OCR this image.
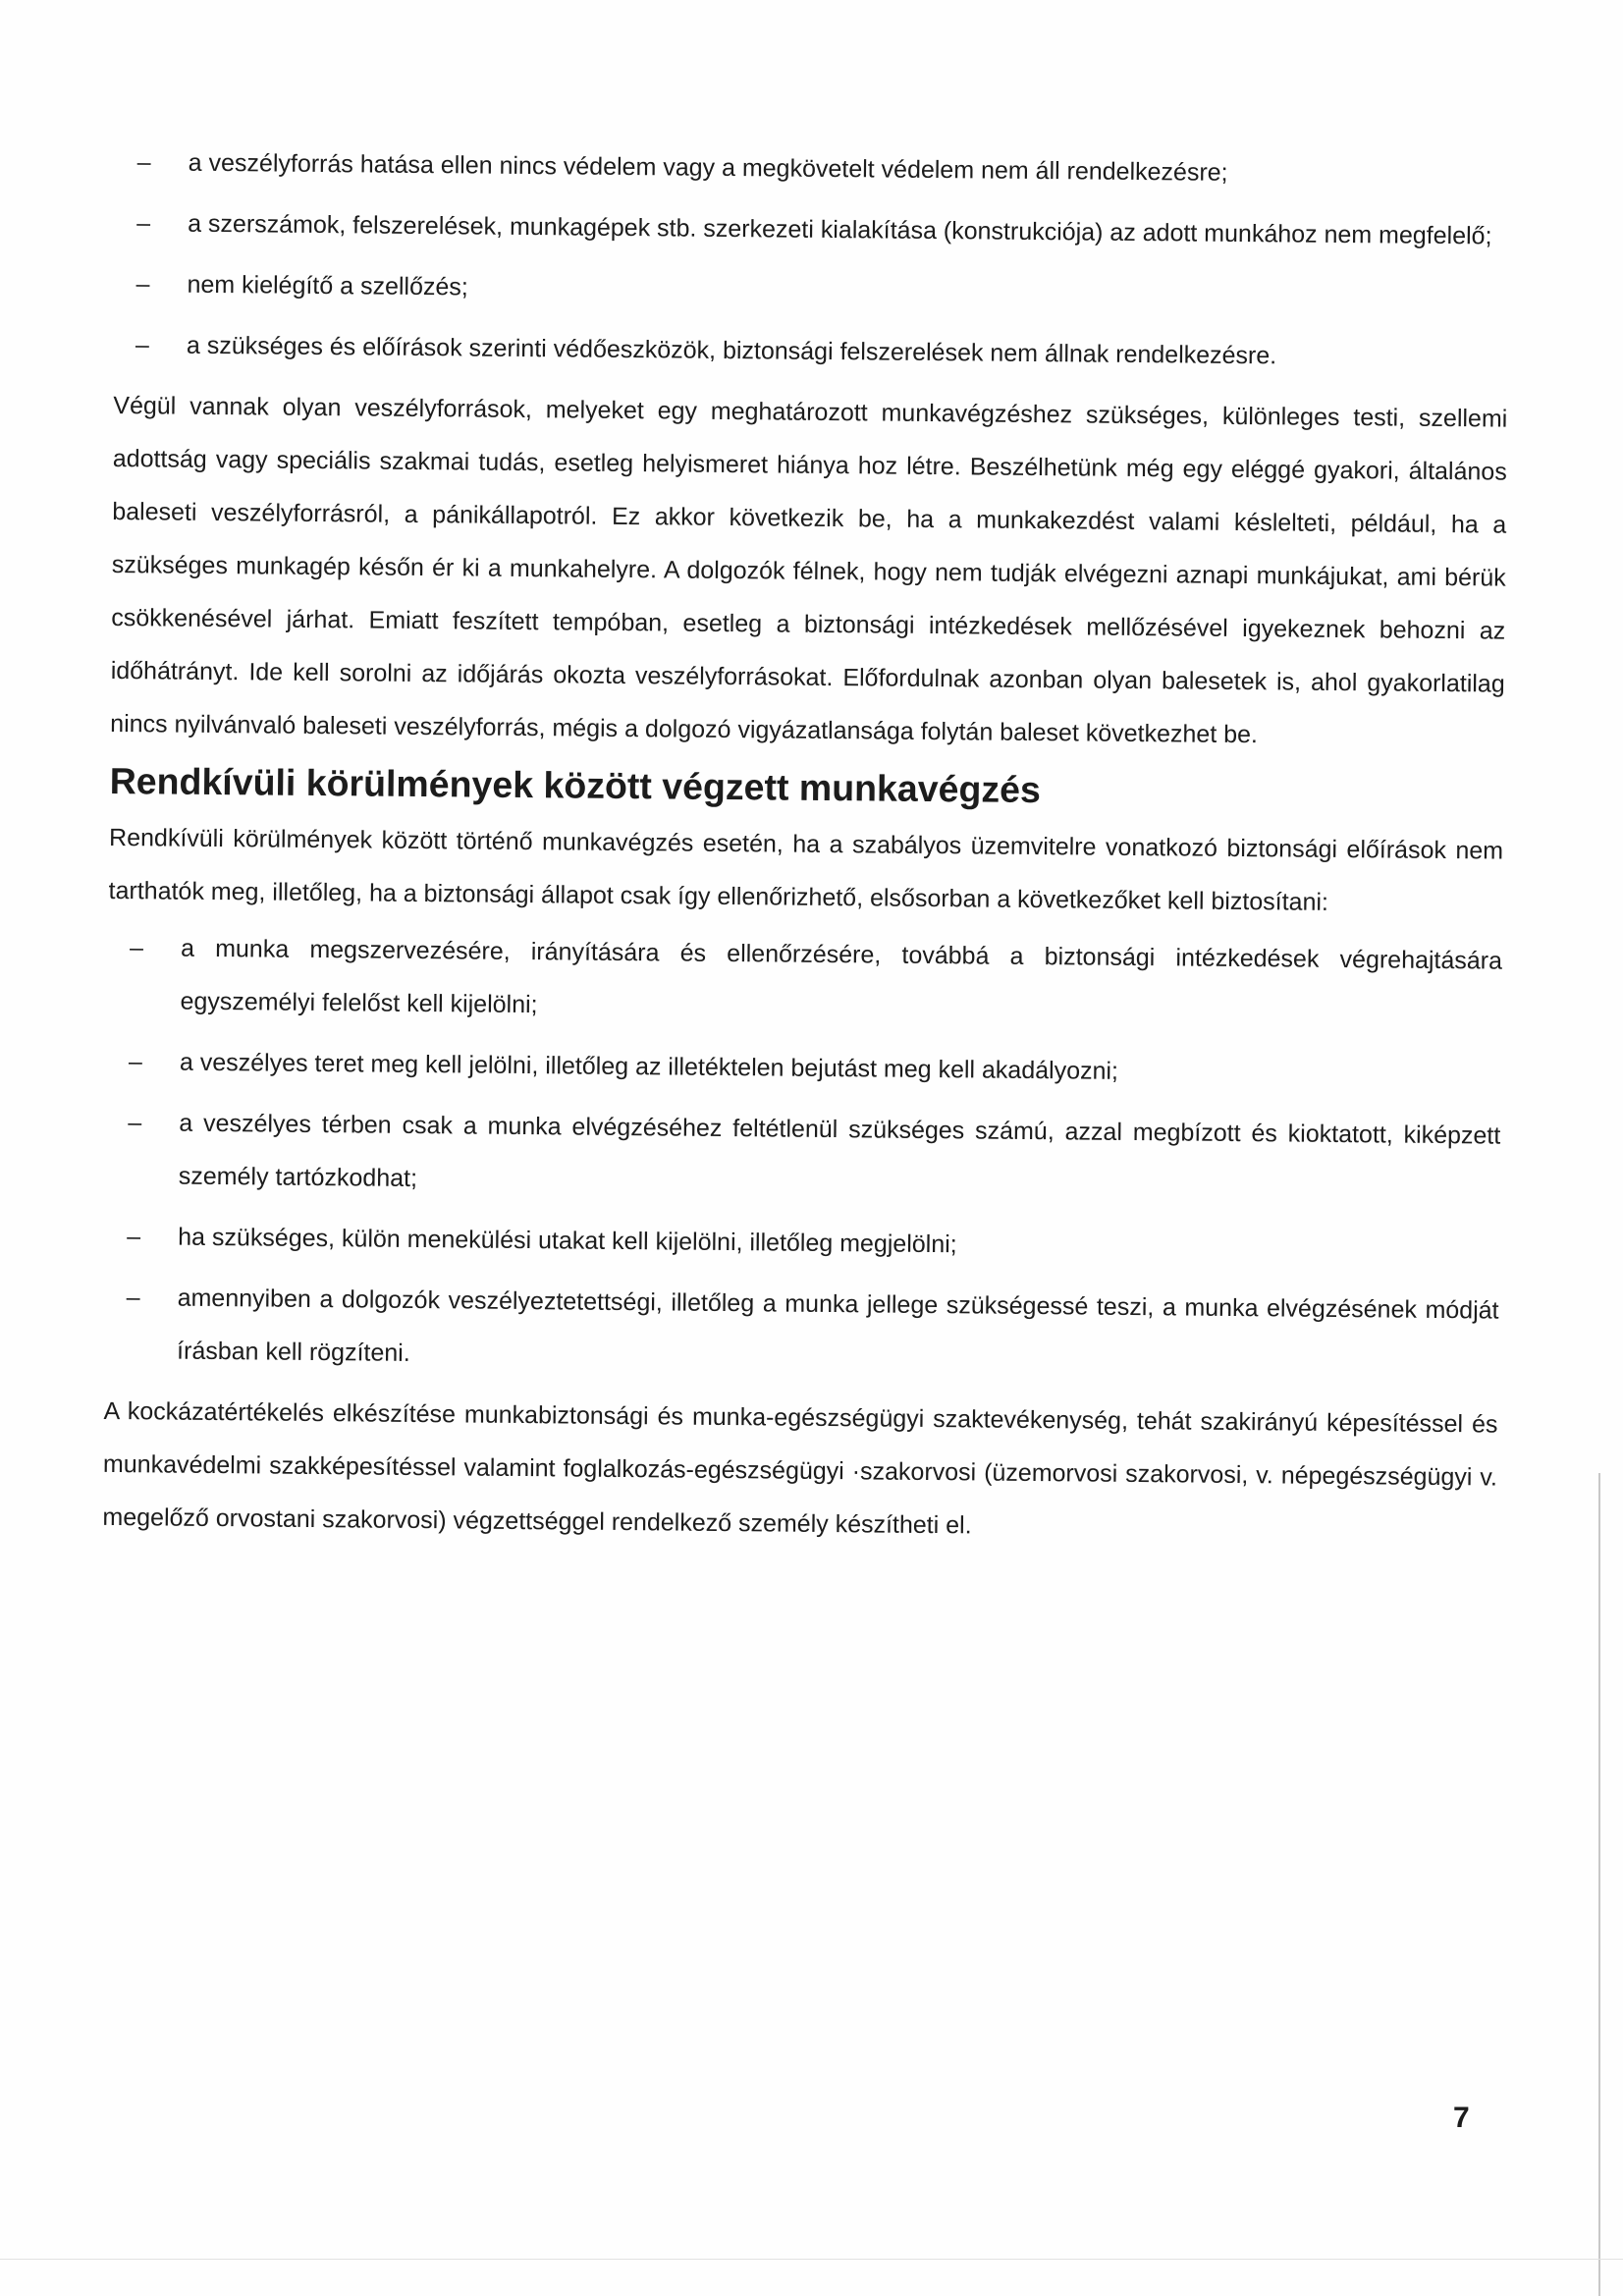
– a veszélyforrás hatása ellen nincs védelem vagy a megkövetelt védelem nem áll rendelkezésre;
– a szerszámok, felszerelések, munkagépek stb. szerkezeti kialakítása (konstrukciója) az adott munkához nem megfelelő;
– nem kielégítő a szellőzés;
– a szükséges és előírások szerinti védőeszközök, biztonsági felszerelések nem állnak rendelkezésre.

Végül vannak olyan veszélyforrások, melyeket egy meghatározott munkavégzéshez szükséges, különleges testi, szellemi adottság vagy speciális szakmai tudás, esetleg helyismeret hiánya hoz létre. Beszélhetünk még egy eléggé gyakori, általános baleseti veszélyforrásról, a pánikállapotról. Ez akkor következik be, ha a munkakezdést valami késlelteti, például, ha a szükséges munkagép későn ér ki a munkahelyre. A dolgozók félnek, hogy nem tudják elvégezni aznapi munkájukat, ami bérük csökkenésével járhat. Emiatt feszített tempóban, esetleg a biztonsági intézkedések mellőzésével igyekeznek behozni az időhátrányt. Ide kell sorolni az időjárás okozta veszélyforrásokat. Előfordulnak azonban olyan balesetek is, ahol gyakorlatilag nincs nyilvánvaló baleseti veszélyforrás, mégis a dolgozó vigyázatlansága folytán baleset következhet be.

Rendkívüli körülmények között végzett munkavégzés

Rendkívüli körülmények között történő munkavégzés esetén, ha a szabályos üzemvitelre vonatkozó biztonsági előírások nem tarthatók meg, illetőleg, ha a biztonsági állapot csak így ellenőrizhető, elsősorban a következőket kell biztosítani:

– a munka megszervezésére, irányítására és ellenőrzésére, továbbá a biztonsági intézkedések végrehajtására egyszemélyi felelőst kell kijelölni;
– a veszélyes teret meg kell jelölni, illetőleg az illetéktelen bejutást meg kell akadályozni;
– a veszélyes térben csak a munka elvégzéséhez feltétlenül szükséges számú, azzal megbízott és kioktatott, kiképzett személy tartózkodhat;
– ha szükséges, külön menekülési utakat kell kijelölni, illetőleg megjelölni;
– amennyiben a dolgozók veszélyeztetettségi, illetőleg a munka jellege szükségessé teszi, a munka elvégzésének módját írásban kell rögzíteni.

A kockázatértékelés elkészítése munkabiztonsági és munka-egészségügyi szaktevékenység, tehát szakirányú képesítéssel és munkavédelmi szakképesítéssel valamint foglalkozás-egészségügyi ·szakorvosi (üzemorvosi szakorvosi, v. népegészségügyi v. megelőző orvostani szakorvosi) végzettséggel rendelkező személy készítheti el.

7
